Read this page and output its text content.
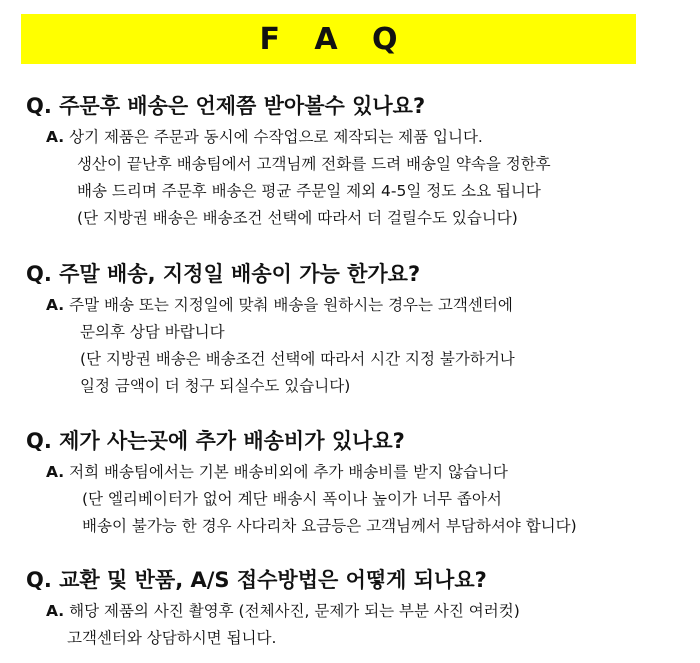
F A Q
Q. 주문후 배송은 언제쯤 받아볼수 있나요?
A. 상기 제품은 주문과 동시에 수작업으로 제작되는 제품 입니다.
생산이 끝난후 배송팀에서 고객님께 전화를 드려 배송일 약속을 정한후
배송 드리며 주문후 배송은 평균 주문일 제외 4-5일 정도 소요 됩니다
(단 지방권 배송은 배송조건 선택에 따라서 더 걸릴수도 있습니다)
Q. 주말 배송, 지정일 배송이 가능 한가요?
A. 주말 배송 또는 지정일에 맞춰 배송을 원하시는 경우는 고객센터에
문의후 상담 바랍니다
(단 지방권 배송은 배송조건 선택에 따라서 시간 지정 불가하거나
일정 금액이 더 청구 되실수도 있습니다)
Q. 제가 사는곳에 추가 배송비가 있나요?
A. 저희 배송팀에서는 기본 배송비외에 추가 배송비를 받지 않습니다
(단 엘리베이터가 없어 계단 배송시 폭이나 높이가 너무 좁아서
배송이 불가능 한 경우 사다리차 요금등은 고객님께서 부담하셔야 합니다)
Q. 교환 및 반품, A/S 접수방법은 어떻게 되나요?
A. 해당 제품의 사진 촬영후 (전체사진, 문제가 되는 부분 사진 여러컷)
고객센터와 상담하시면 됩니다.
